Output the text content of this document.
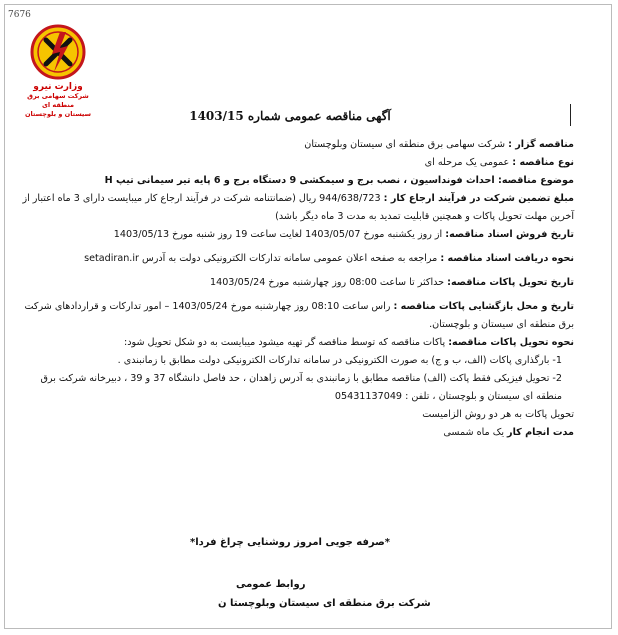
7676
وزارت نیرو
شرکت سهامی برق منطقه ای
سیستان و بلوچستان	آگهی مناقصه عمومی شماره 1403/15

مناقصه گزار : شرکت سهامی برق منطقه ای سیستان وبلوچستان

نوع مناقصه : عمومی یک مرحله ای

موضوع مناقصه: احداث فونداسیون ، نصب برج و سیمکشی 9 دستگاه برج و 6 پایه تیر سیمانی تیپ H

مبلغ تضمین شرکت در فرآیند ارجاع کار : 944/638/723 ریال (ضمانتنامه شرکت در فرآیند ارجاع کار میبایست دارای 3 ماه اعتبار از آخرین مهلت تحویل پاکات و همچنین قابلیت تمدید به مدت 3 ماه دیگر باشد)

تاریخ فروش اسناد مناقصه: از روز یکشنبه مورخ 1403/05/07 لغایت ساعت 19 روز شنبه مورخ 1403/05/13

نحوه دریافت اسناد مناقصه : مراجعه به صفحه اعلان عمومی سامانه تدارکات الکترونیکی دولت به آدرس setadiran.ir

تاریخ تحویل پاکات مناقصه: حداکثر تا ساعت 08:00 روز چهارشنبه مورخ 1403/05/24

تاریخ و محل بازگشایی پاکات مناقصه : راس ساعت 08:10 روز چهارشنبه مورخ 1403/05/24 – امور تدارکات و قراردادهای شرکت برق منطقه ای سیستان و بلوچستان.

نحوه تحویل پاکات مناقصه: پاکات مناقصه که توسط مناقصه گر تهیه میشود میبایست به دو شکل تحویل شود:

1- بارگذاری پاکات (الف، ب و ج) به صورت الکترونیکی در سامانه تدارکات الکترونیکی دولت مطابق با زمانبندی .

2- تحویل فیزیکی فقط پاکت (الف) مناقصه مطابق با زمانبندی به آدرس زاهدان ، حد فاصل دانشگاه 37 و 39 ، دبیرخانه شرکت برق منطقه ای سیستان و بلوچستان ، تلفن : 05431137049

تحویل پاکات به هر دو روش الزامیست

مدت انجام کار یک ماه شمسی

*صرفه جویی امروز روشنایی چراغ فردا*
روابط عمومی
شرکت برق منطقه ای سیستان وبلوچستا ن
